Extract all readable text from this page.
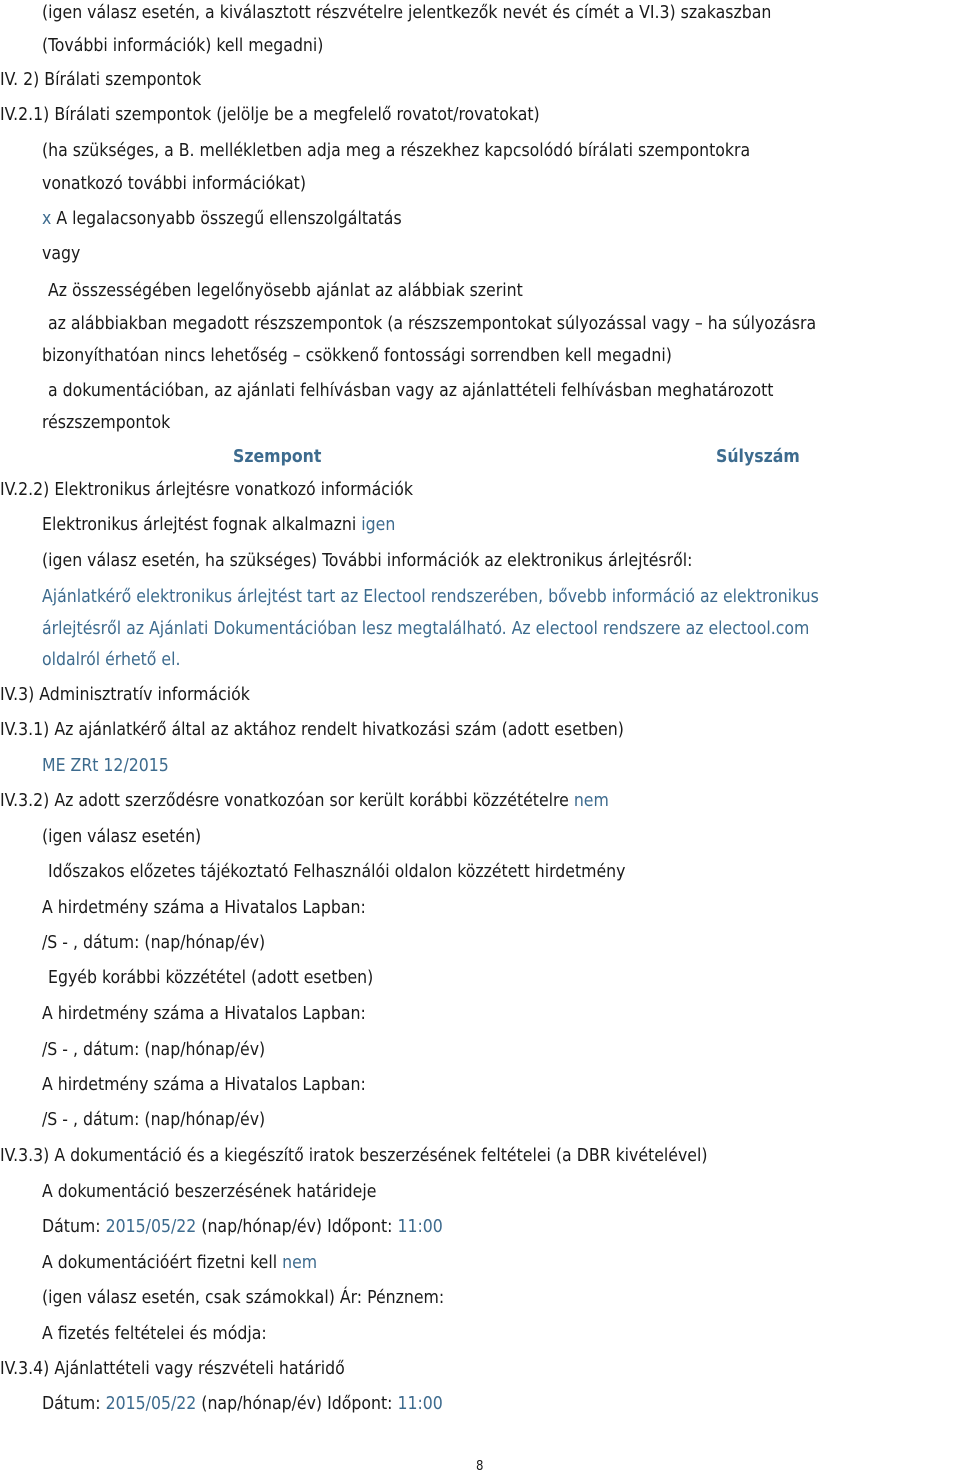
(igen válasz esetén, a kiválasztott részvételre jelentkezők nevét és címét a VI.3) szakaszban
(További információk) kell megadni)
IV. 2) Bírálati szempontok
IV.2.1) Bírálati szempontok (jelölje be a megfelelő rovatot/rovatokat)
(ha szükséges, a B. mellékletben adja meg a részekhez kapcsolódó bírálati szempontokra
vonatkozó további információkat)
x A legalacsonyabb összegű ellenszolgáltatás
vagy
Az összességében legelőnyösebb ajánlat az alábbiak szerint
az alábbiakban megadott részszempontok (a részszempontokat súlyozással vagy – ha súlyozásra
bizonyíthatóan nincs lehetőség – csökkenő fontossági sorrendben kell megadni)
a dokumentációban, az ajánlati felhívásban vagy az ajánlattételi felhívásban meghatározott
részszempontok
Szempont	Súlyszám
IV.2.2) Elektronikus árlejtésre vonatkozó információk
Elektronikus árlejtést fognak alkalmazni igen
(igen válasz esetén, ha szükséges) További információk az elektronikus árlejtésről:
Ajánlatkérő elektronikus árlejtést tart az Electool rendszerében, bővebb információ az elektronikus
árlejtésről az Ajánlati Dokumentációban lesz megtalálható. Az electool rendszere az electool.com
oldalról érhető el.
IV.3) Adminisztratív információk
IV.3.1) Az ajánlatkérő által az aktához rendelt hivatkozási szám (adott esetben)
ME ZRt 12/2015
IV.3.2) Az adott szerződésre vonatkozóan sor került korábbi közzétételre nem
(igen válasz esetén)
Időszakos előzetes tájékoztató Felhasználói oldalon közzétett hirdetmény
A hirdetmény száma a Hivatalos Lapban:
/S - , dátum: (nap/hónap/év)
Egyéb korábbi közzététel (adott esetben)
A hirdetmény száma a Hivatalos Lapban:
/S - , dátum: (nap/hónap/év)
A hirdetmény száma a Hivatalos Lapban:
/S - , dátum: (nap/hónap/év)
IV.3.3) A dokumentáció és a kiegészítő iratok beszerzésének feltételei (a DBR kivételével)
A dokumentáció beszerzésének határideje
Dátum: 2015/05/22 (nap/hónap/év) Időpont: 11:00
A dokumentációért fizetni kell nem
(igen válasz esetén, csak számokkal) Ár: Pénznem:
A fizetés feltételei és módja:
IV.3.4) Ajánlattételi vagy részvételi határidő
Dátum: 2015/05/22 (nap/hónap/év) Időpont: 11:00
8
